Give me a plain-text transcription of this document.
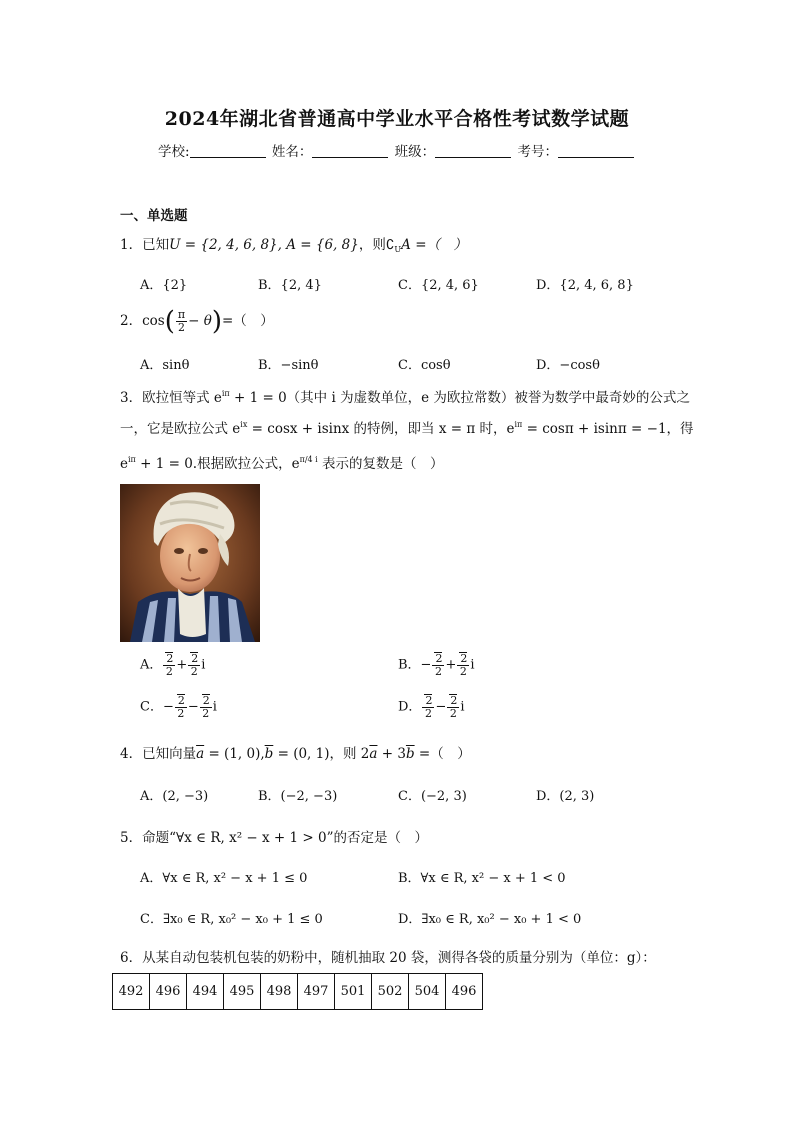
2024年湖北省普通高中学业水平合格性考试数学试题
学校:	姓名：	班级：	考号：
一、单选题
1．已知U = {2, 4, 6, 8}, A = {6, 8}，则$∁_UA$ =（　）
A．{2}	B．{2, 4}	C．{2, 4, 6}	D．{2, 4, 6, 8}
2．$\cos( \frac{\pi}{2} - \theta)=$（　）
A．sinθ	B．−sinθ	C．cosθ	D．−cosθ
3．欧拉恒等式 $e^{i\pi} + 1 = 0$（其中 i 为虚数单位，e 为欧拉常数）被誉为数学中最奇妙的公式之
一，它是欧拉公式 $e^{ix} = \cos x + isinx$ 的特例，即当 x = π 时，$e^{i\pi} = \cos\pi + isin\pi = -1$，得
$e^{i\pi} + 1 = 0$.根据欧拉公式，$e^{\pi/4 i}$ 表示的复数是（　）
A． $\frac{2}{2} + \frac{2}{2}$ i	B．− $\frac{2}{2} + \frac{2}{2}$ i
C．− $\frac{2}{2} - \frac{2}{2}$ i	D． $\frac{2}{2} - \frac{2}{2}$ i
4．已知向量$\overline{a} = (1$, $0),\overline{b} = (0$, 1)，则 $2\overline{a} + 3\overline{b}$ =（　）
A．(2, −3)	B．(−2, −3)	C．(−2, 3)	D．(2, 3)
5．命题“∀x ∈ R, x² − x + 1 > 0”的否定是（　）
A．∀x ∈ R, x² − x + 1 ≤ 0	B．∀x ∈ R, x² − x + 1 < 0
C．∃x₀ ∈ R, x₀² − x₀ + 1 ≤ 0	D．∃x₀ ∈ R, x₀² − x₀ + 1 < 0
6．从某自动包装机包装的奶粉中，随机抽取 20 袋，测得各袋的质量分别为（单位：g）：
492	496	494	495	498	497	501	502	504	496
